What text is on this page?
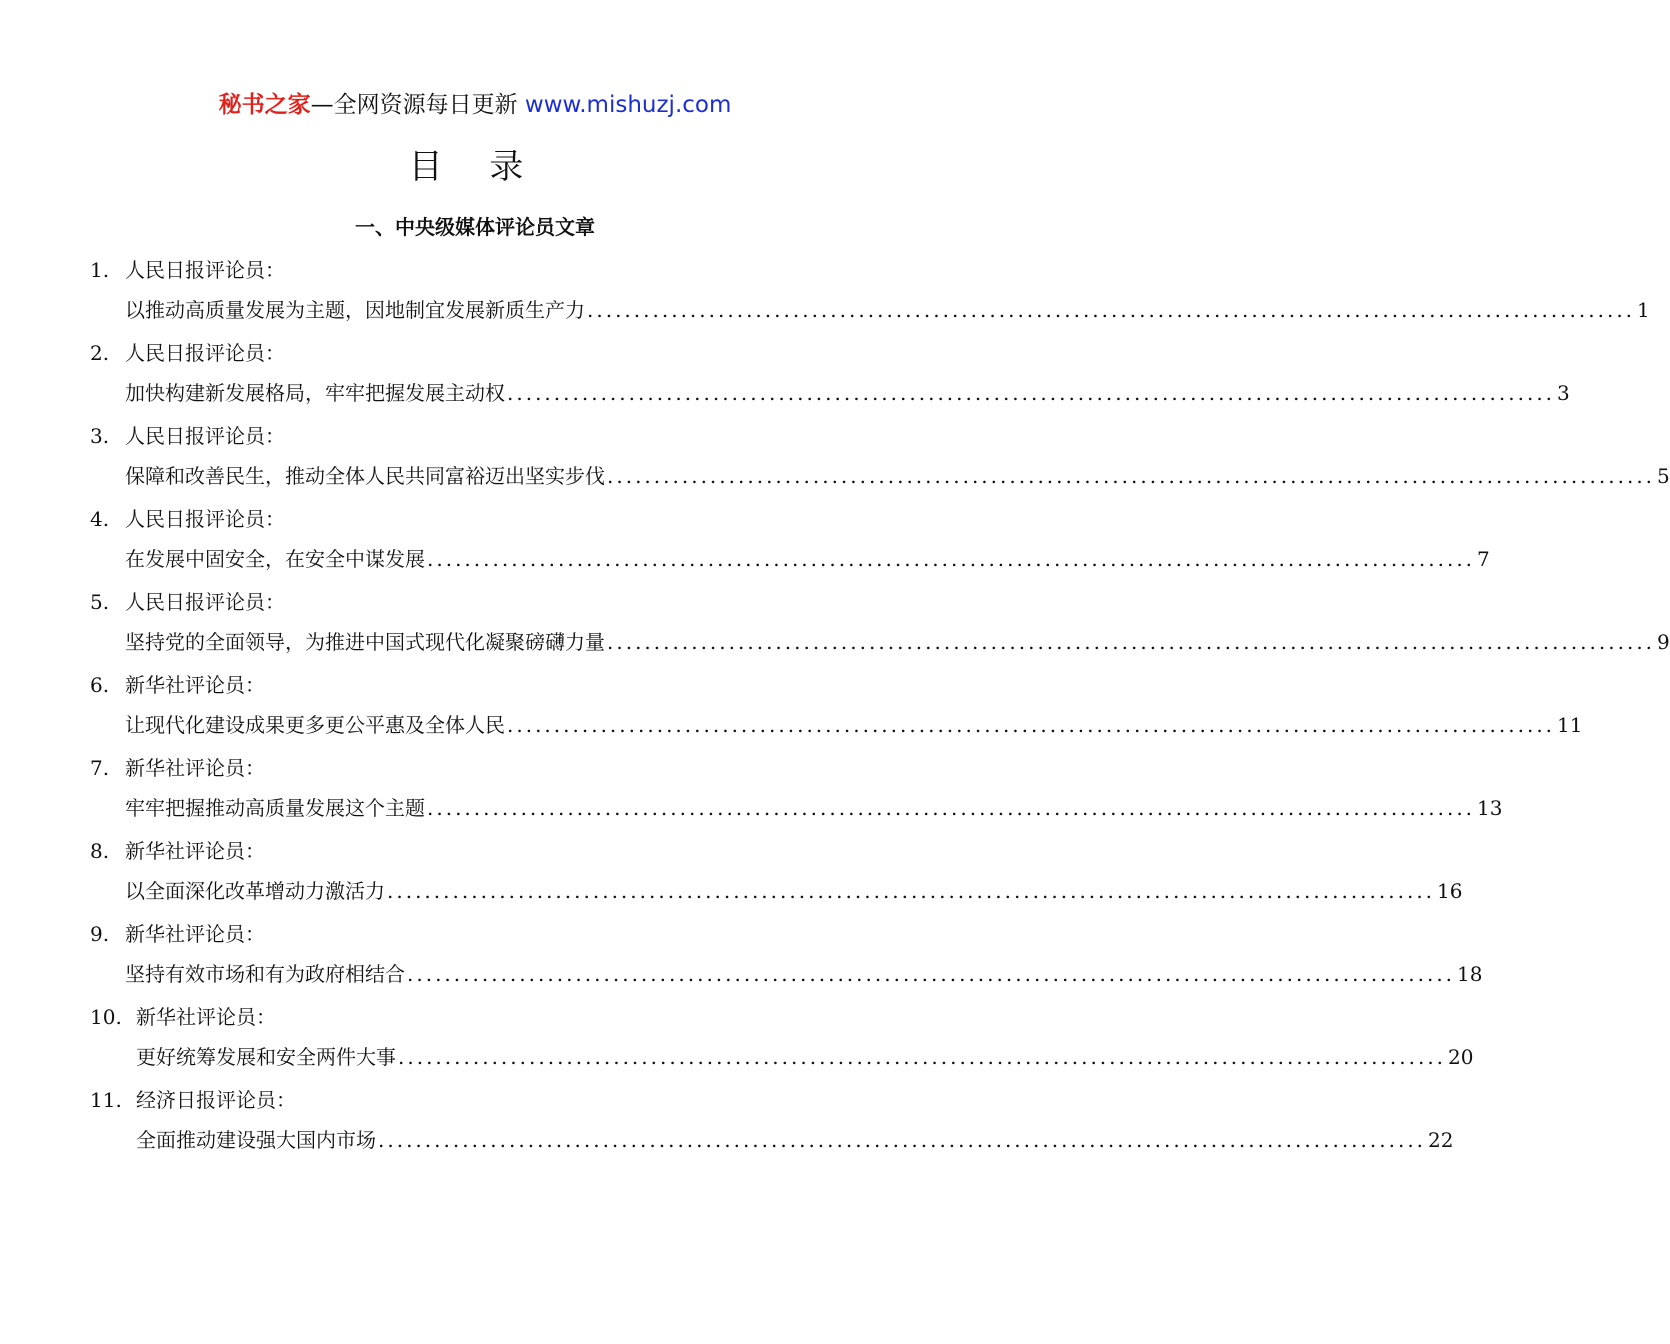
秘书之家—全网资源每日更新 www.mishuzj.com
目 录
一、中央级媒体评论员文章
1. 人民日报评论员：
以推动高质量发展为主题，因地制宜发展新质生产力 ................................................................................................................ 1
2. 人民日报评论员：
加快构建新发展格局，牢牢把握发展主动权 ................................................................................................................ 3
3. 人民日报评论员：
保障和改善民生，推动全体人民共同富裕迈出坚实步伐 ................................................................................................................ 5
4. 人民日报评论员：
在发展中固安全，在安全中谋发展 ................................................................................................................ 7
5. 人民日报评论员：
坚持党的全面领导，为推进中国式现代化凝聚磅礴力量 ................................................................................................................ 9
6. 新华社评论员：
让现代化建设成果更多更公平惠及全体人民 ................................................................................................................ 11
7. 新华社评论员：
牢牢把握推动高质量发展这个主题 ................................................................................................................ 13
8. 新华社评论员：
以全面深化改革增动力激活力 ................................................................................................................ 16
9. 新华社评论员：
坚持有效市场和有为政府相结合 ................................................................................................................ 18
10. 新华社评论员：
更好统筹发展和安全两件大事 ................................................................................................................ 20
11. 经济日报评论员：
全面推动建设强大国内市场 ................................................................................................................ 22
